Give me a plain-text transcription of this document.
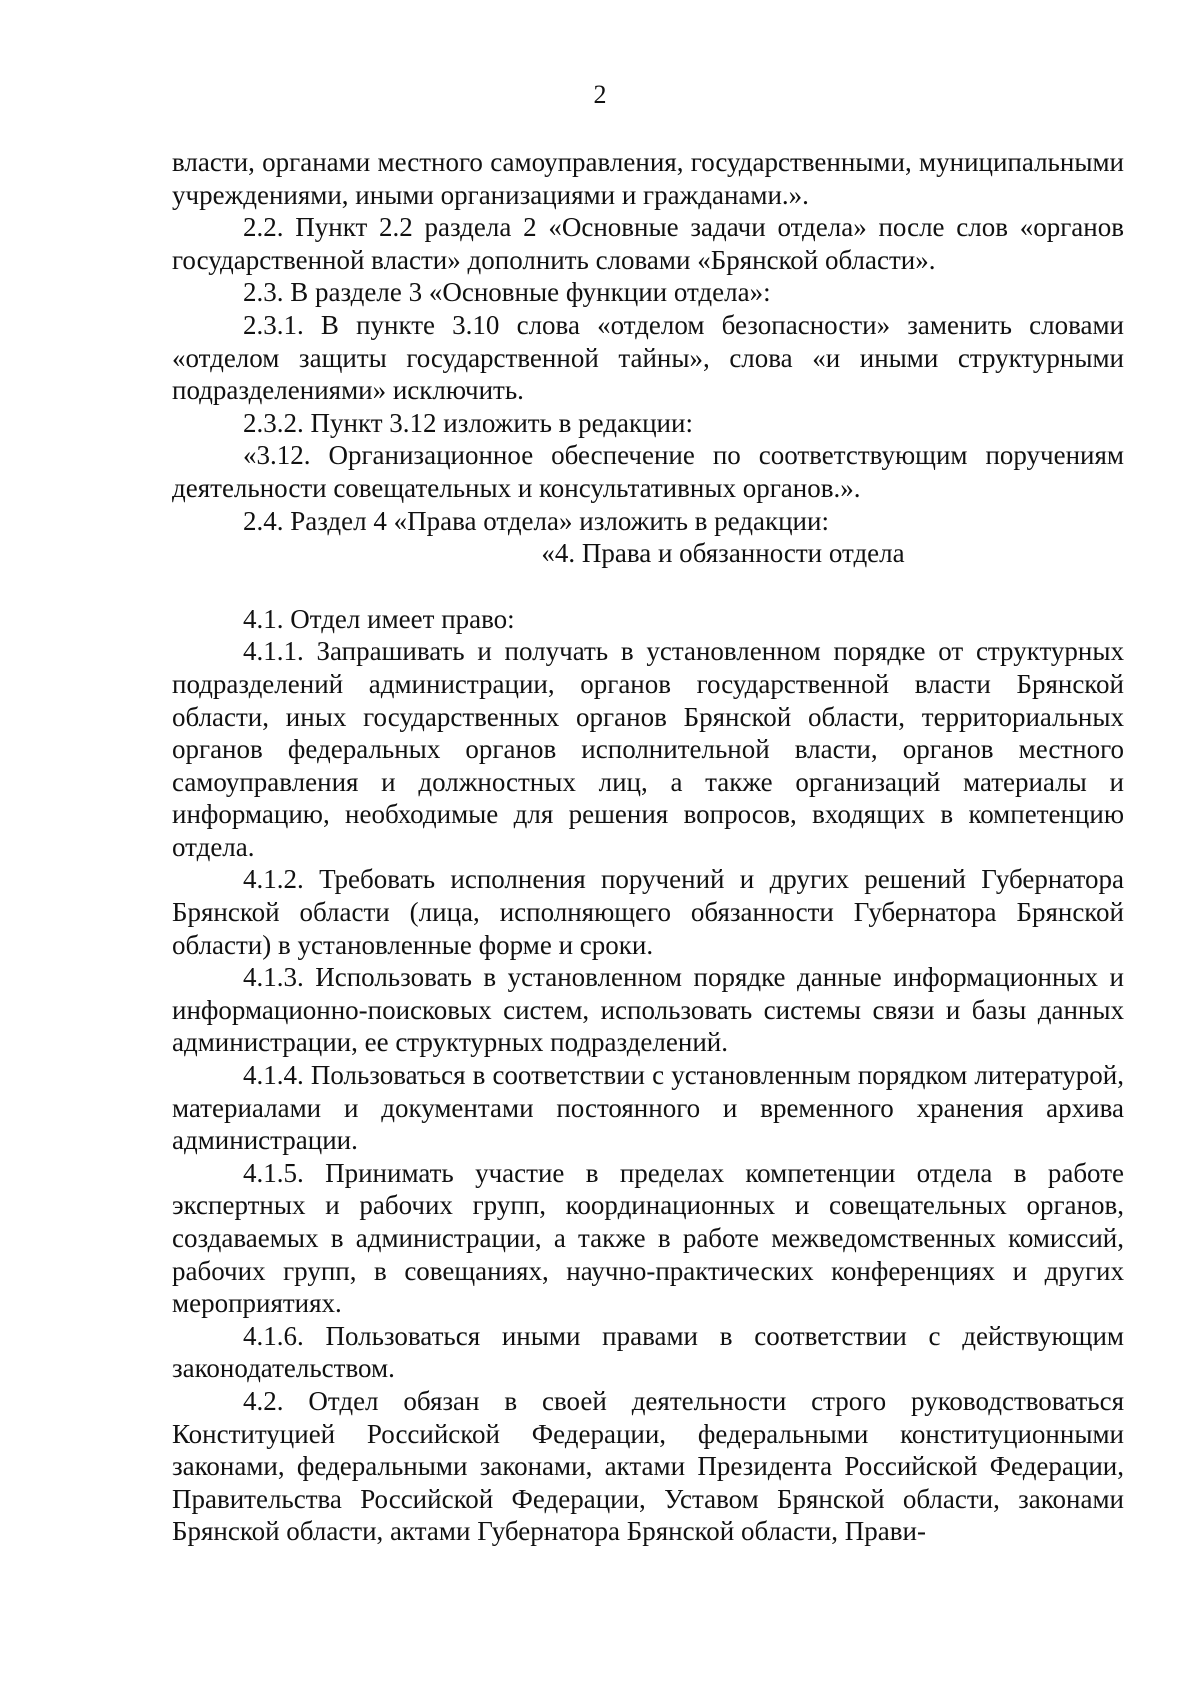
2

власти, органами местного самоуправления, государственными, муниципальными учреждениями, иными организациями и гражданами.».

2.2. Пункт 2.2 раздела 2 «Основные задачи отдела» после слов «органов государственной власти» дополнить словами «Брянской области».

2.3. В разделе 3 «Основные функции отдела»:

2.3.1. В пункте 3.10 слова «отделом безопасности» заменить словами «отделом защиты государственной тайны», слова «и иными структурными подразделениями» исключить.

2.3.2. Пункт 3.12 изложить в редакции:

«3.12. Организационное обеспечение по соответствующим поручениям деятельности совещательных и консультативных органов.».

2.4. Раздел 4 «Права отдела» изложить в редакции:

«4. Права и обязанности отдела

4.1. Отдел имеет право:

4.1.1. Запрашивать и получать в установленном порядке от структурных подразделений администрации, органов государственной власти Брянской области, иных государственных органов Брянской области, территориальных органов федеральных органов исполнительной власти, органов местного самоуправления и должностных лиц, а также организаций материалы и информацию, необходимые для решения вопросов, входящих в компетенцию отдела.

4.1.2. Требовать исполнения поручений и других решений Губернатора Брянской области (лица, исполняющего обязанности Губернатора Брянской области) в установленные форме и сроки.

4.1.3. Использовать в установленном порядке данные информационных и информационно-поисковых систем, использовать системы связи и базы данных администрации, ее структурных подразделений.

4.1.4. Пользоваться в соответствии с установленным порядком литературой, материалами и документами постоянного и временного хранения архива администрации.

4.1.5. Принимать участие в пределах компетенции отдела в работе экспертных и рабочих групп, координационных и совещательных органов, создаваемых в администрации, а также в работе межведомственных комиссий, рабочих групп, в совещаниях, научно-практических конференциях и других мероприятиях.

4.1.6. Пользоваться иными правами в соответствии с действующим законодательством.

4.2. Отдел обязан в своей деятельности строго руководствоваться Конституцией Российской Федерации, федеральными конституционными законами, федеральными законами, актами Президента Российской Федерации, Правительства Российской Федерации, Уставом Брянской области, законами Брянской области, актами Губернатора Брянской области, Прави-
